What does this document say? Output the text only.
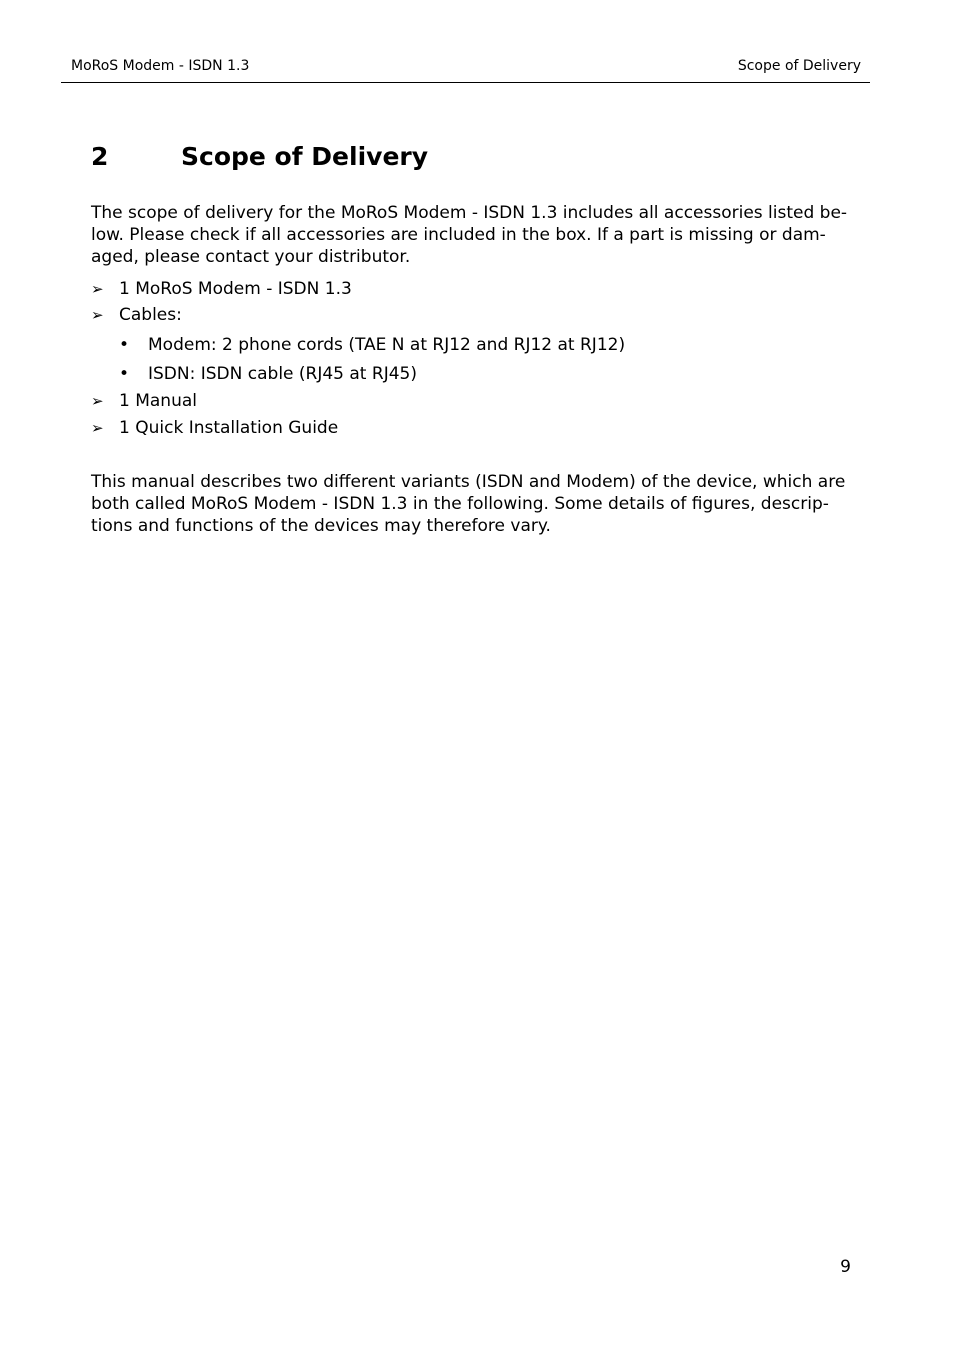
MoRoS Modem - ISDN 1.3	Scope of Delivery
2	Scope of Delivery

The scope of delivery for the MoRoS Modem - ISDN 1.3 includes all accessories listed be-
low. Please check if all accessories are included in the box. If a part is missing or dam-
aged, please contact your distributor.

➢ 1 MoRoS Modem - ISDN 1.3
➢ Cables:
• Modem: 2 phone cords (TAE N at RJ12 and RJ12 at RJ12)
• ISDN: ISDN cable (RJ45 at RJ45)
➢ 1 Manual
➢ 1 Quick Installation Guide

This manual describes two different variants (ISDN and Modem) of the device, which are
both called MoRoS Modem - ISDN 1.3 in the following. Some details of figures, descrip-
tions and functions of the devices may therefore vary.

9
